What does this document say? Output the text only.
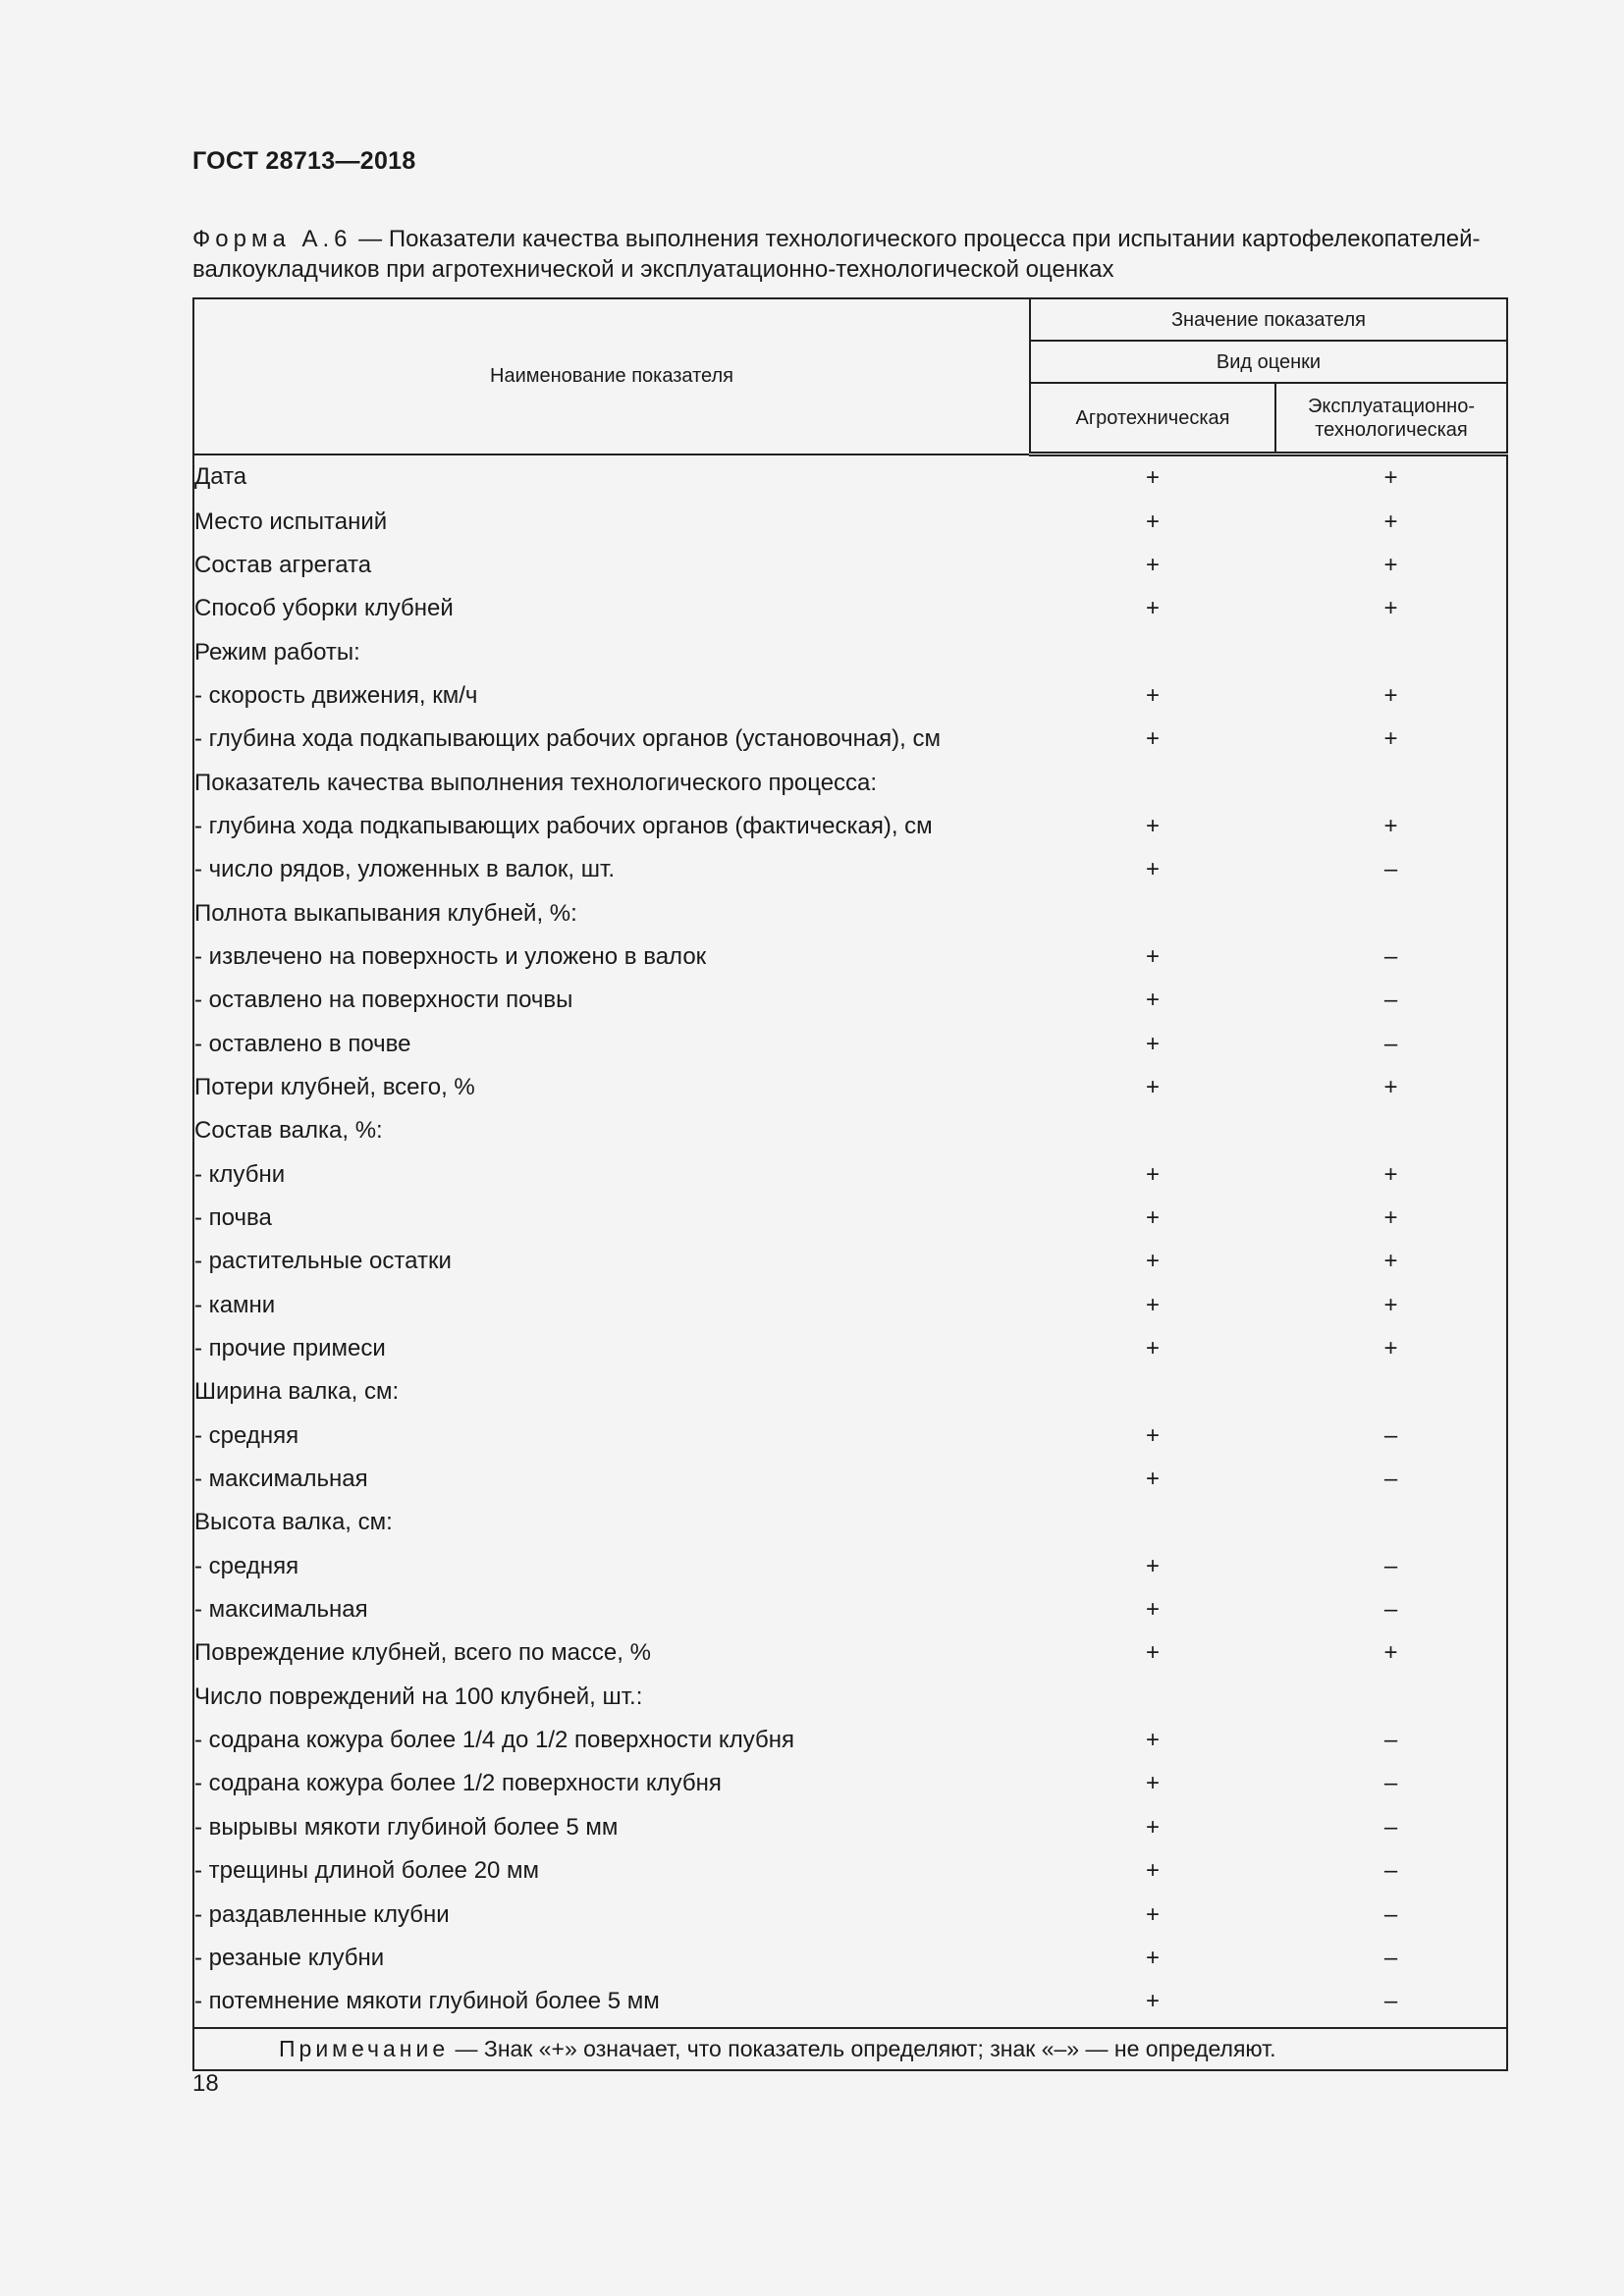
ГОСТ 28713—2018
Форма А.6 — Показатели качества выполнения технологического процесса при испытании картофелекопателей-валкоукладчиков при агротехнической и эксплуатационно-технологической оценках
Наименование показателя	Значение показателя	
	Вид оценки	
	Агротехническая	Эксплуатационно-технологическая
Дата	+	+
Место испытаний	+	+
Состав агрегата	+	+
Способ уборки клубней	+	+
Режим работы:		
- скорость движения, км/ч	+	+
- глубина хода подкапывающих рабочих органов (установочная), см	+	+
Показатель качества выполнения технологического процесса:		
- глубина хода подкапывающих рабочих органов (фактическая), см	+	+
- число рядов, уложенных в валок, шт.	+	–
Полнота выкапывания клубней, %:		
- извлечено на поверхность и уложено в валок	+	–
- оставлено на поверхности почвы	+	–
- оставлено в почве	+	–
Потери клубней, всего, %	+	+
Состав валка, %:		
- клубни	+	+
- почва	+	+
- растительные остатки	+	+
- камни	+	+
- прочие примеси	+	+
Ширина валка, см:		
- средняя	+	–
- максимальная	+	–
Высота валка, см:		
- средняя	+	–
- максимальная	+	–
Повреждение клубней, всего по массе, %	+	+
Число повреждений на 100 клубней, шт.:		
- содрана кожура более 1/4 до 1/2 поверхности клубня	+	–
- содрана кожура более 1/2 поверхности клубня	+	–
- вырывы мякоти глубиной более 5 мм	+	–
- трещины длиной более 20 мм	+	–
- раздавленные клубни	+	–
- резаные клубни	+	–
- потемнение мякоти глубиной более 5 мм	+	–
Примечание — Знак «+» означает, что показатель определяют; знак «–» — не определяют.		
18
